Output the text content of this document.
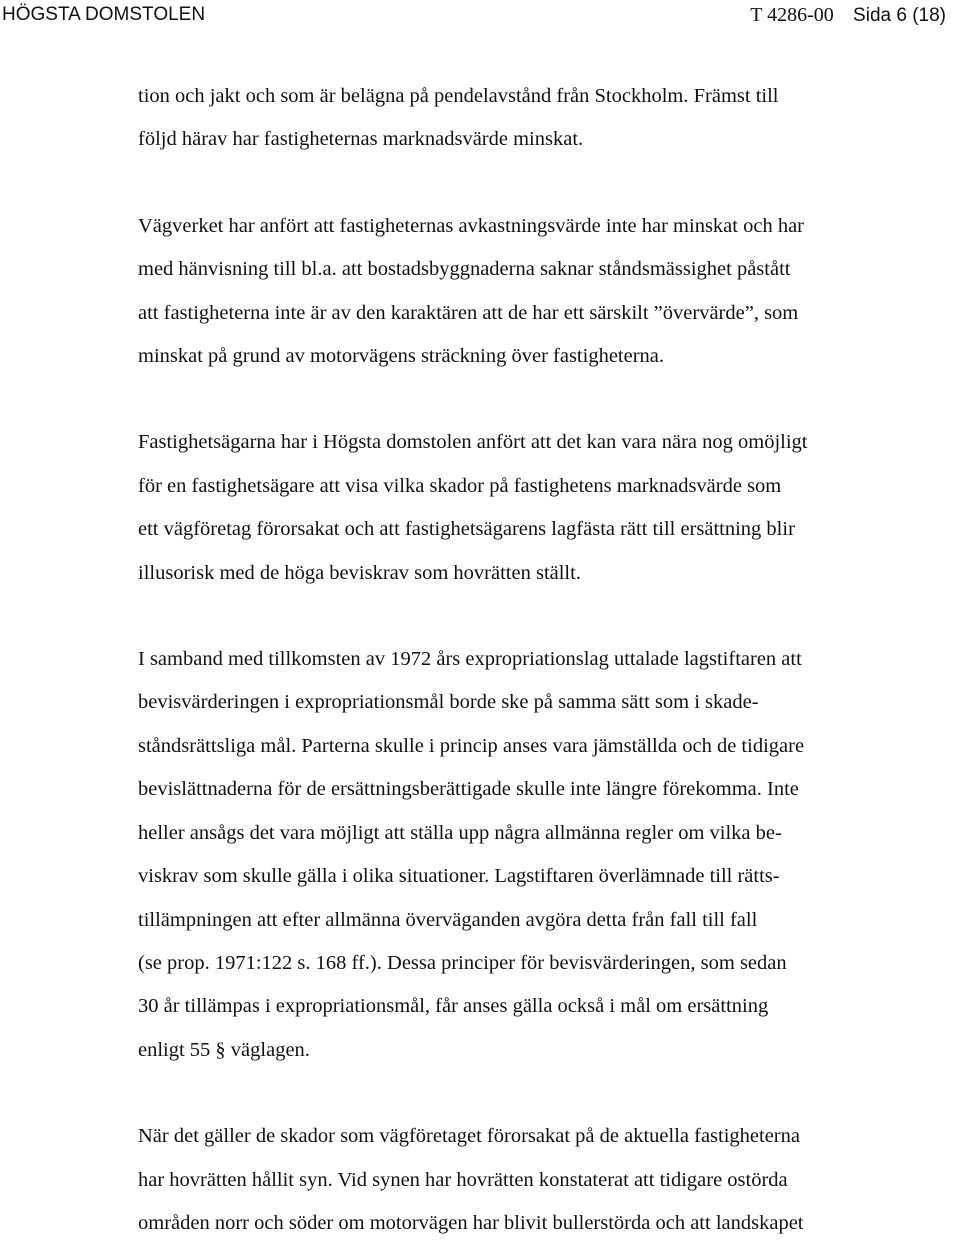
HÖGSTA DOMSTOLEN	T 4286-00 Sida 6 (18)

tion och jakt och som är belägna på pendelavstånd från Stockholm. Främst till
följd härav har fastigheternas marknadsvärde minskat.

Vägverket har anfört att fastigheternas avkastningsvärde inte har minskat och har
med hänvisning till bl.a. att bostadsbyggnaderna saknar ståndsmässighet påstått
att fastigheterna inte är av den karaktären att de har ett särskilt ”övervärde”, som
minskat på grund av motorvägens sträckning över fastigheterna.

Fastighetsägarna har i Högsta domstolen anfört att det kan vara nära nog omöjligt
för en fastighetsägare att visa vilka skador på fastighetens marknadsvärde som
ett vägföretag förorsakat och att fastighetsägarens lagfästa rätt till ersättning blir
illusorisk med de höga beviskrav som hovrätten ställt.

I samband med tillkomsten av 1972 års expropriationslag uttalade lagstiftaren att
bevisvärderingen i expropriationsmål borde ske på samma sätt som i skade-
ståndsrättsliga mål. Parterna skulle i princip anses vara jämställda och de tidigare
bevislättnaderna för de ersättningsberättigade skulle inte längre förekomma. Inte
heller ansågs det vara möjligt att ställa upp några allmänna regler om vilka be-
viskrav som skulle gälla i olika situationer. Lagstiftaren överlämnade till rätts-
tillämpningen att efter allmänna överväganden avgöra detta från fall till fall
(se prop. 1971:122 s. 168 ff.). Dessa principer för bevisvärderingen, som sedan
30 år tillämpas i expropriationsmål, får anses gälla också i mål om ersättning
enligt 55 § väglagen.

När det gäller de skador som vägföretaget förorsakat på de aktuella fastigheterna
har hovrätten hållit syn. Vid synen har hovrätten konstaterat att tidigare ostörda
områden norr och söder om motorvägen har blivit bullerstörda och att landskapet
